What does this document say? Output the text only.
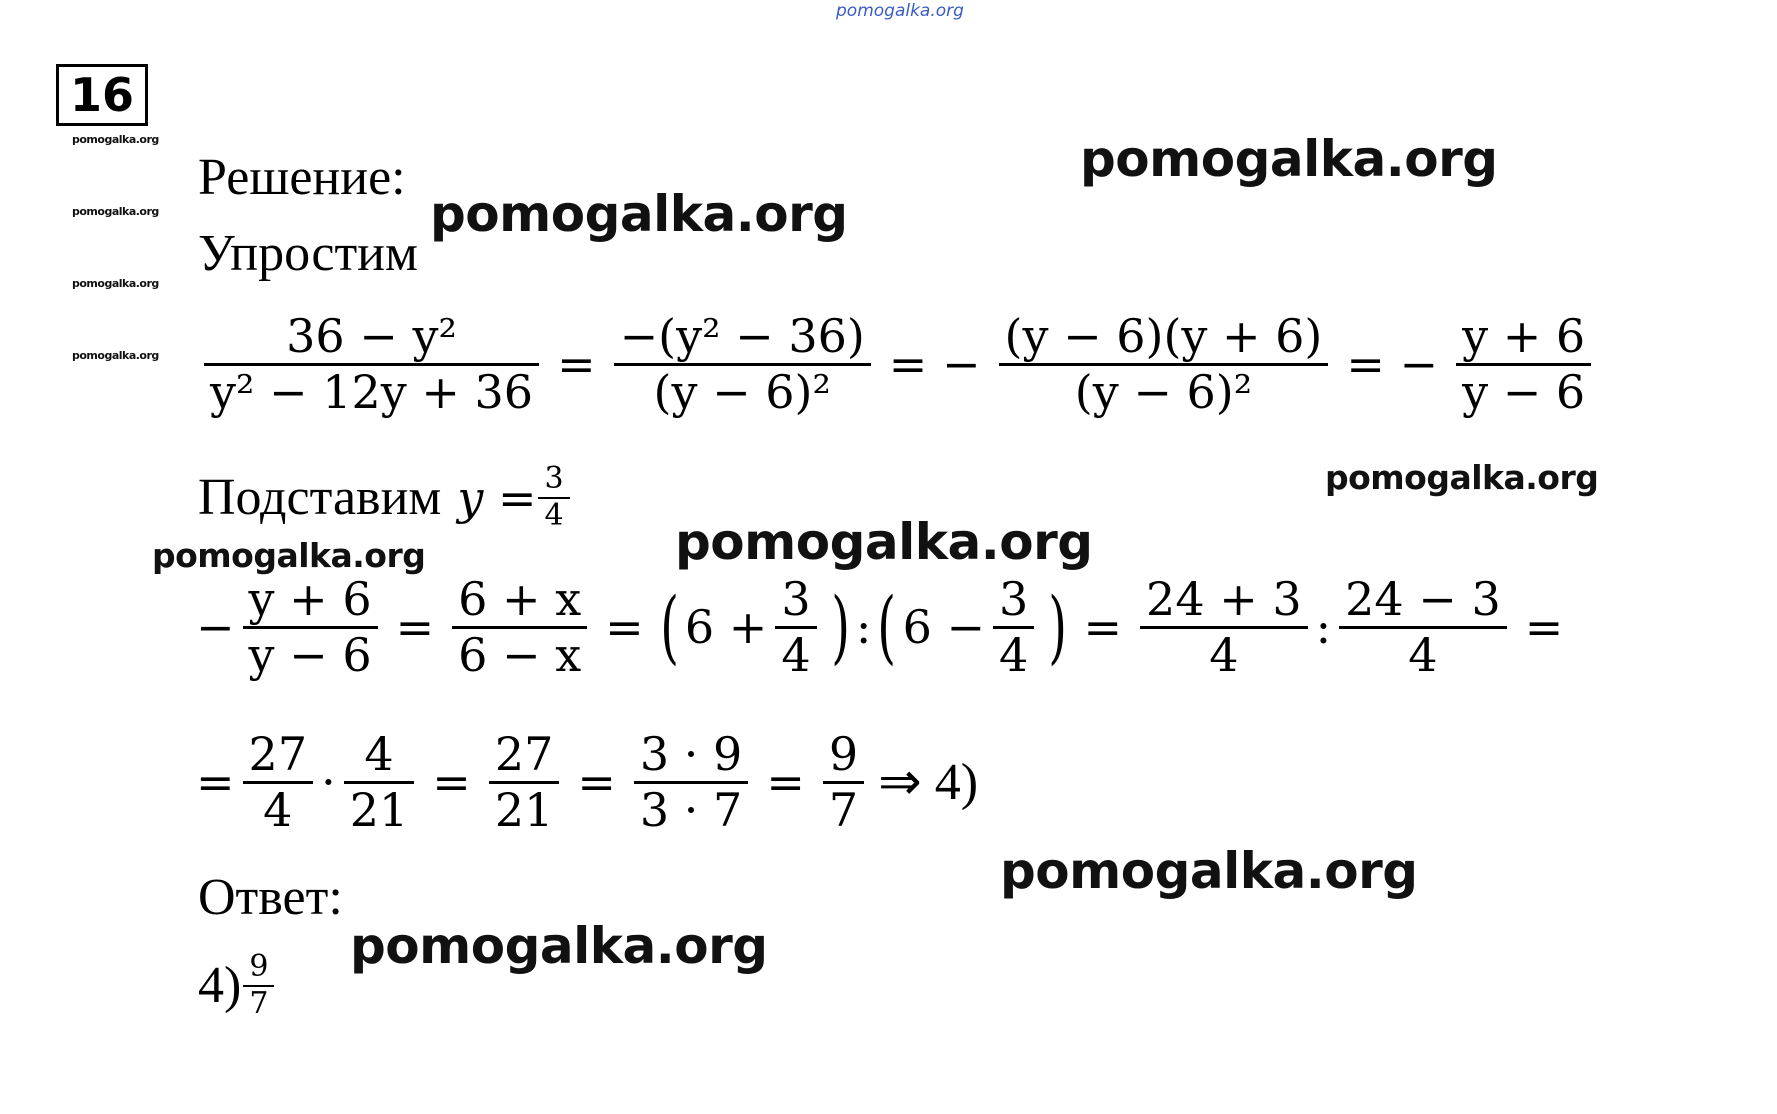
pomogalka.org
16
pomogalka.org
pomogalka.org
pomogalka.org
pomogalka.org
pomogalka.org
pomogalka.org
pomogalka.org
pomogalka.org
pomogalka.org
pomogalka.org
pomogalka.org
Решение:
Упростим
$\frac{\text{36 − y²}}{\text{y² − 12y + 36}} = \frac{\text{−(y² − 36)}}{\text{(y − 6)²}}$ = − $\frac{(y - 6)(y + 6)}{\text{(y − 6)²}}$ = − $\frac{y + 6}{y - 6}$
Подставим $y = \frac{3}{4}$
− $\frac{y + 6}{y - 6} = \frac{6 + x}{6 - x}$ = ( $6 + \frac{3}{4}$ ) : ( $6 - \frac{3}{4}$ ) = $\frac{24 + 3}{4}$ : $\frac{24 - 3}{4}$ =
= $\frac{27}{4} \cdot \frac{4}{21} = \frac{27}{21} = \frac{3 \cdot 9}{3 \cdot 7} = \frac{9}{7}$ ⇒ 4)
Ответ:
$4) \frac{9}{7}$
